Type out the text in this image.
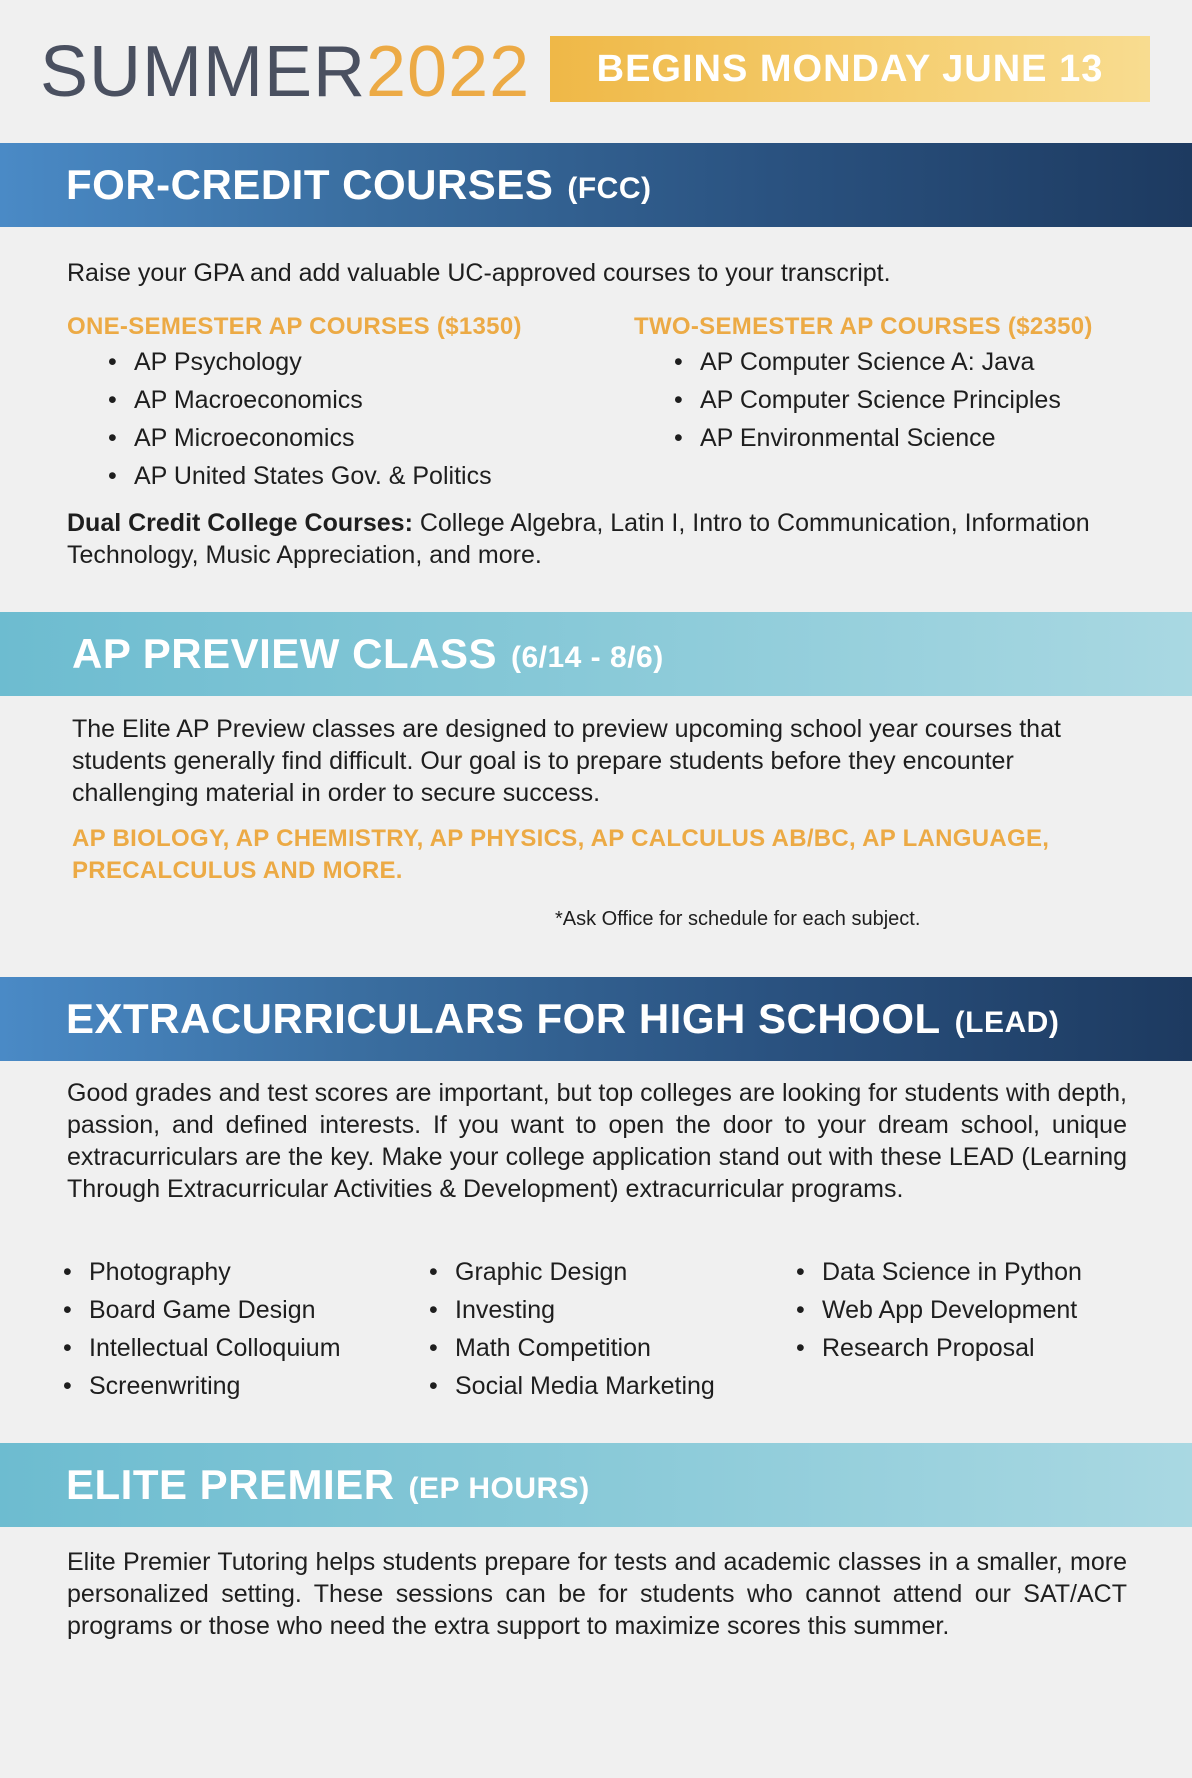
SUMMER2022	BEGINS MONDAY JUNE 13
FOR-CREDIT COURSES (FCC)
Raise your GPA and add valuable UC-approved courses to your transcript.
ONE-SEMESTER AP COURSES ($1350)
• AP Psychology
• AP Macroeconomics
• AP Microeconomics
• AP United States Gov. & Politics
TWO-SEMESTER AP COURSES ($2350)
• AP Computer Science A: Java
• AP Computer Science Principles
• AP Environmental Science
Dual Credit College Courses: College Algebra, Latin I, Intro to Communication, Information Technology, Music Appreciation, and more.
AP PREVIEW CLASS (6/14 - 8/6)
The Elite AP Preview classes are designed to preview upcoming school year courses that students generally find difficult. Our goal is to prepare students before they encounter challenging material in order to secure success.
AP BIOLOGY, AP CHEMISTRY, AP PHYSICS, AP CALCULUS AB/BC, AP LANGUAGE, PRECALCULUS AND MORE.
*Ask Office for schedule for each subject.
EXTRACURRICULARS FOR HIGH SCHOOL (LEAD)
Good grades and test scores are important, but top colleges are looking for students with depth, passion, and defined interests. If you want to open the door to your dream school, unique extracurriculars are the key. Make your college application stand out with these LEAD (Learning Through Extracurricular Activities & Development) extracurricular programs.
• Photography
• Board Game Design
• Intellectual Colloquium
• Screenwriting
• Graphic Design
• Investing
• Math Competition
• Social Media Marketing
• Data Science in Python
• Web App Development
• Research Proposal
ELITE PREMIER (EP HOURS)
Elite Premier Tutoring helps students prepare for tests and academic classes in a smaller, more personalized setting. These sessions can be for students who cannot attend our SAT/ACT programs or those who need the extra support to maximize scores this summer.
